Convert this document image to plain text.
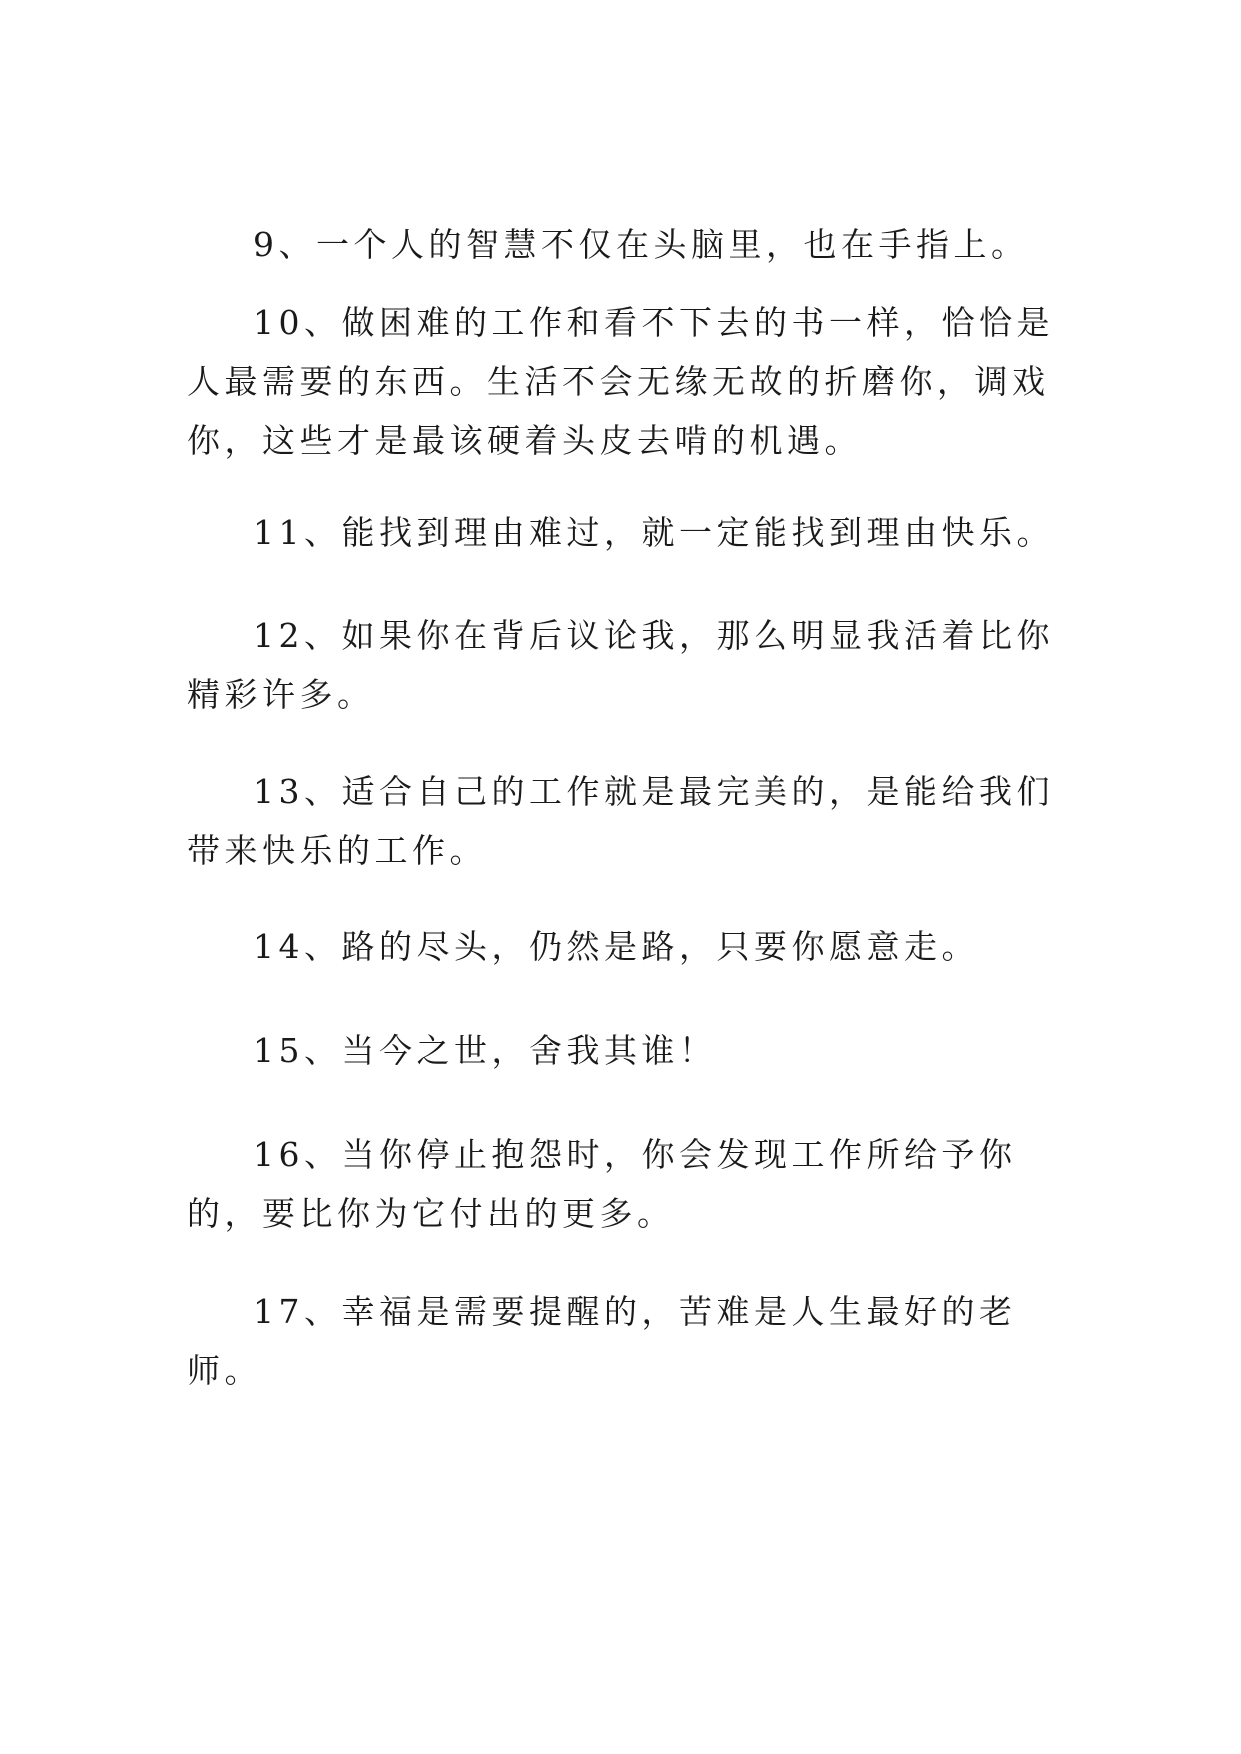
9、一个人的智慧不仅在头脑里，也在手指上。

10、做困难的工作和看不下去的书一样，恰恰是人最需要的东西。生活不会无缘无故的折磨你，调戏你，这些才是最该硬着头皮去啃的机遇。

11、能找到理由难过，就一定能找到理由快乐。

12、如果你在背后议论我，那么明显我活着比你精彩许多。

13、适合自己的工作就是最完美的，是能给我们带来快乐的工作。

14、路的尽头，仍然是路，只要你愿意走。

15、当今之世，舍我其谁！

16、当你停止抱怨时，你会发现工作所给予你的，要比你为它付出的更多。

17、幸福是需要提醒的，苦难是人生最好的老师。
